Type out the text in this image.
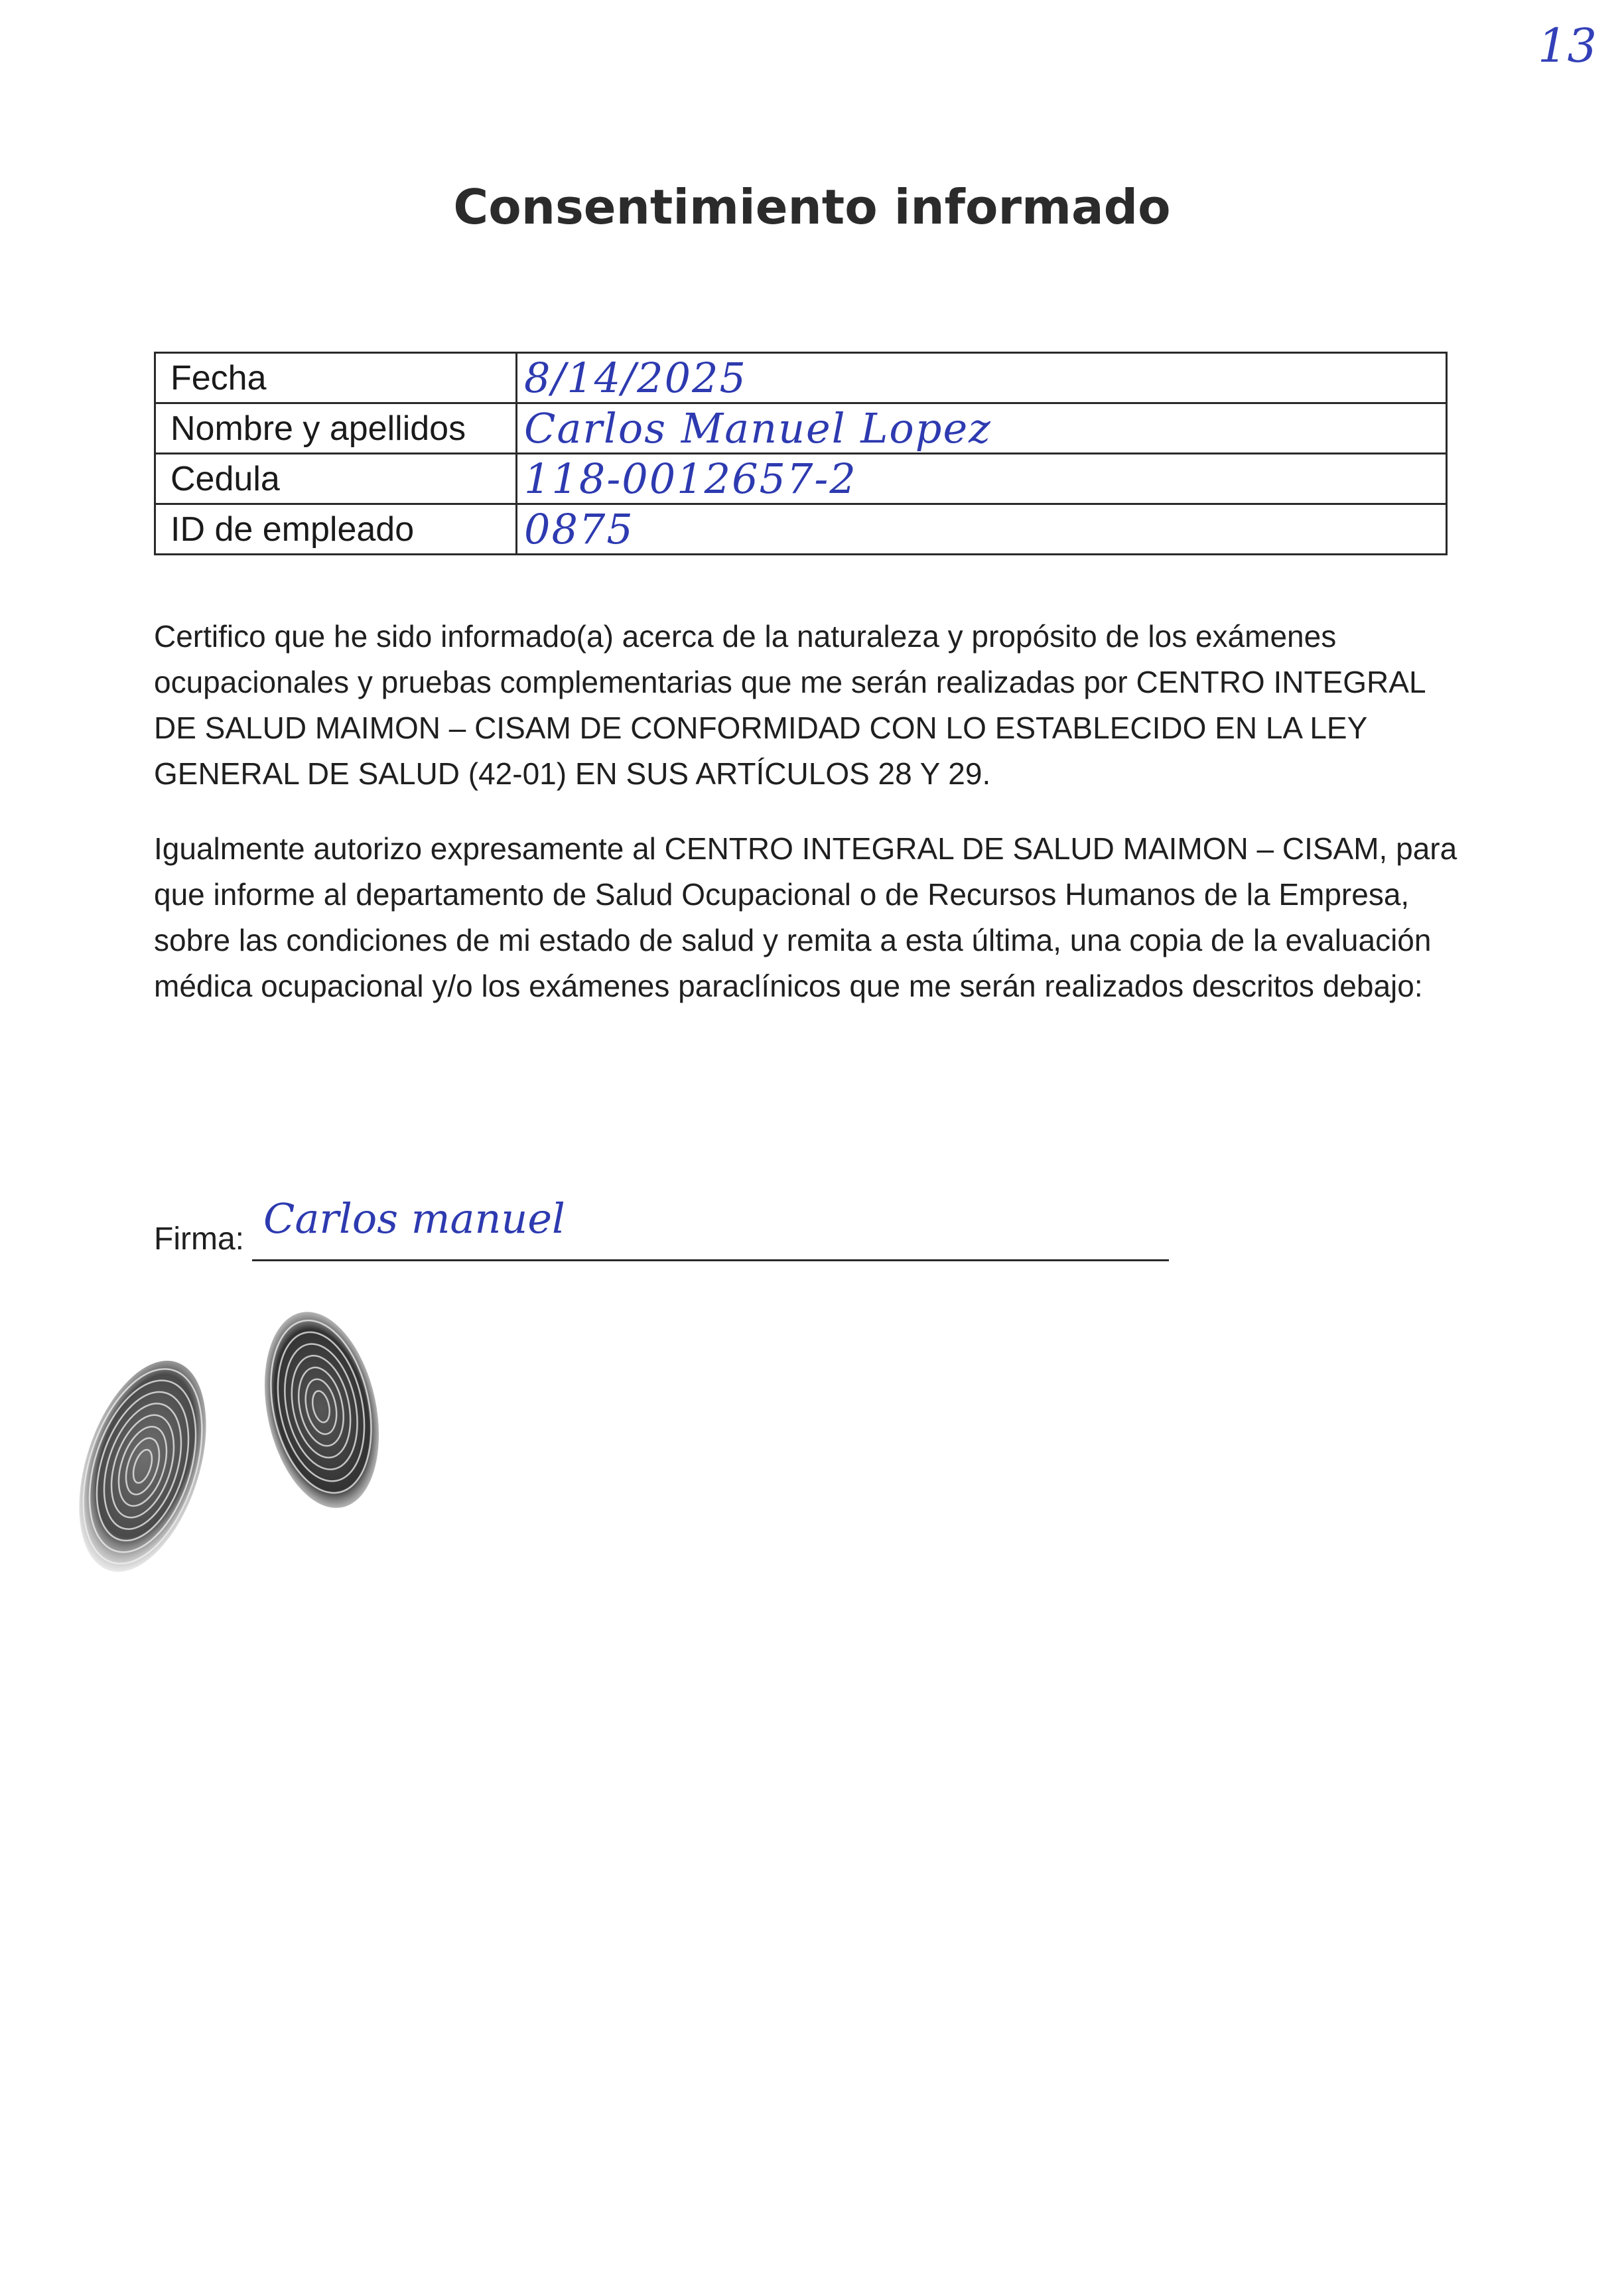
13
Consentimiento informado
Fecha	8/14/2025
Nombre y apellidos	Carlos Manuel Lopez
Cedula	118-0012657-2
ID de empleado	0875

Certifico que he sido informado(a) acerca de la naturaleza y propósito de los exámenes ocupacionales y pruebas complementarias que me serán realizadas por CENTRO INTEGRAL DE SALUD MAIMON – CISAM DE CONFORMIDAD CON LO ESTABLECIDO EN LA LEY GENERAL DE SALUD (42-01) EN SUS ARTÍCULOS 28 Y 29.

Igualmente autorizo expresamente al CENTRO INTEGRAL DE SALUD MAIMON – CISAM, para que informe al departamento de Salud Ocupacional o de Recursos Humanos de la Empresa, sobre las condiciones de mi estado de salud y remita a esta última, una copia de la evaluación médica ocupacional y/o los exámenes paraclínicos que me serán realizados descritos debajo:

Firma: Carlos manuel
